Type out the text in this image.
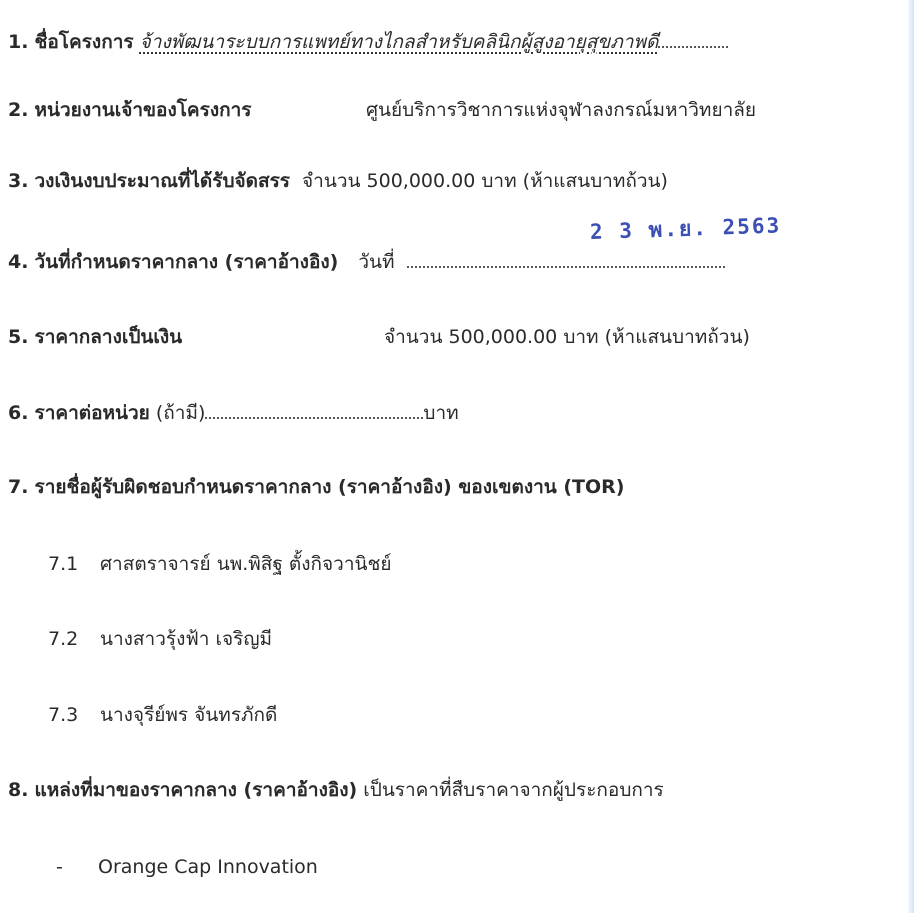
1. ชื่อโครงการ จ้างพัฒนาระบบการแพทย์ทางไกลสำหรับคลินิกผู้สูงอายุสุขภาพดี
2. หน่วยงานเจ้าของโครงการ	ศูนย์บริการวิชาการแห่งจุฬาลงกรณ์มหาวิทยาลัย
3. วงเงินงบประมาณที่ได้รับจัดสรร จำนวน 500,000.00 บาท (ห้าแสนบาทถ้วน)
4. วันที่กำหนดราคากลาง (ราคาอ้างอิง) วันที่
2 3 พ.ย. 2563
5. ราคากลางเป็นเงิน	จำนวน 500,000.00 บาท (ห้าแสนบาทถ้วน)
6. ราคาต่อหน่วย (ถ้ามี)	บาท
7. รายชื่อผู้รับผิดชอบกำหนดราคากลาง (ราคาอ้างอิง) ของเขตงาน (TOR)
7.1 ศาสตราจารย์ นพ.พิสิฐ ตั้งกิจวานิชย์
7.2 นางสาวรุ้งฟ้า เจริญมี
7.3 นางจุรีย์พร จันทรภักดี
8. แหล่งที่มาของราคากลาง (ราคาอ้างอิง) เป็นราคาที่สืบราคาจากผู้ประกอบการ
- Orange Cap Innovation
